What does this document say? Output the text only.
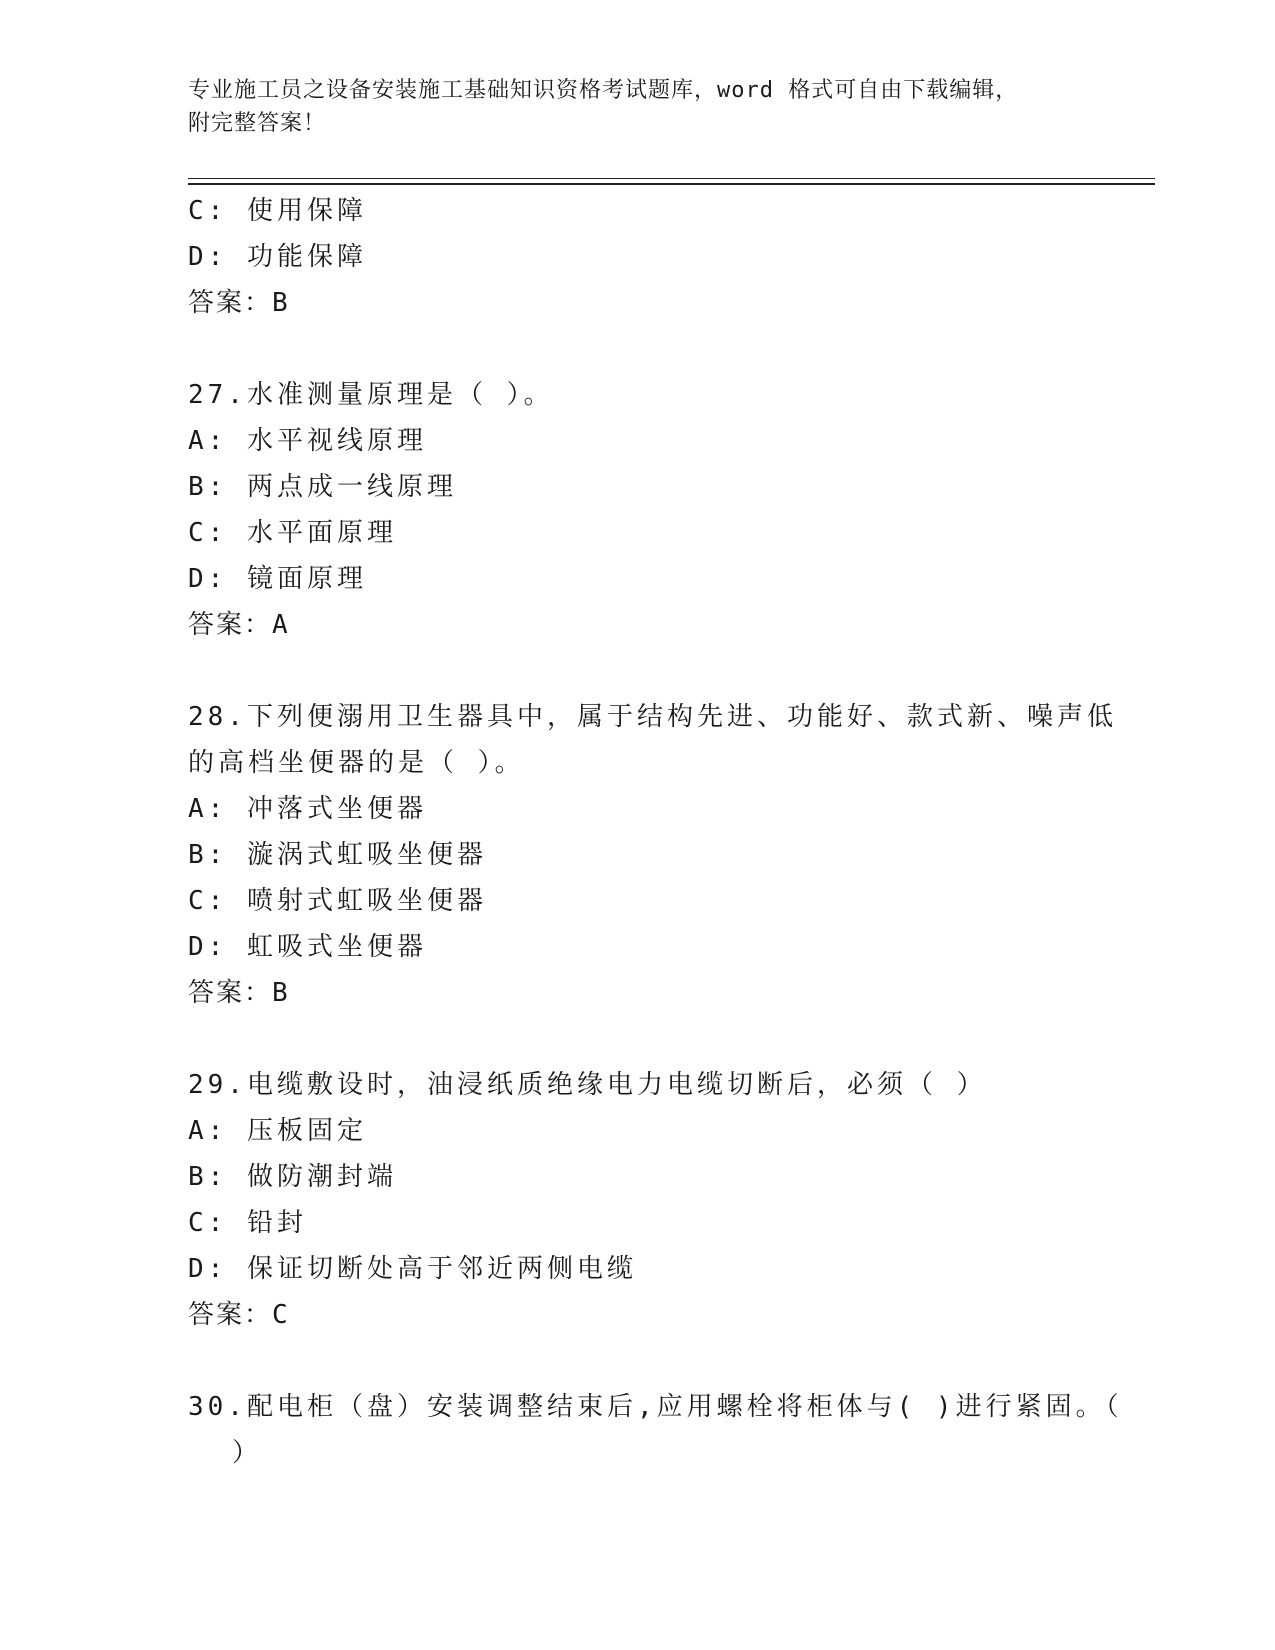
专业施工员之设备安装施工基础知识资格考试题库，word 格式可自由下载编辑，
附完整答案！
C: 使用保障
D: 功能保障
答案：B
27.水准测量原理是（ ）。
A: 水平视线原理
B: 两点成一线原理
C: 水平面原理
D: 镜面原理
答案：A
28.下列便溺用卫生器具中，属于结构先进、功能好、款式新、噪声低
的高档坐便器的是（ ）。
A: 冲落式坐便器
B: 漩涡式虹吸坐便器
C: 喷射式虹吸坐便器
D: 虹吸式坐便器
答案：B
29.电缆敷设时，油浸纸质绝缘电力电缆切断后，必须（ ）
A: 压板固定
B: 做防潮封端
C: 铅封
D: 保证切断处高于邻近两侧电缆
答案：C
30.配电柜（盘）安装调整结束后,应用螺栓将柜体与( )进行紧固。（
）
